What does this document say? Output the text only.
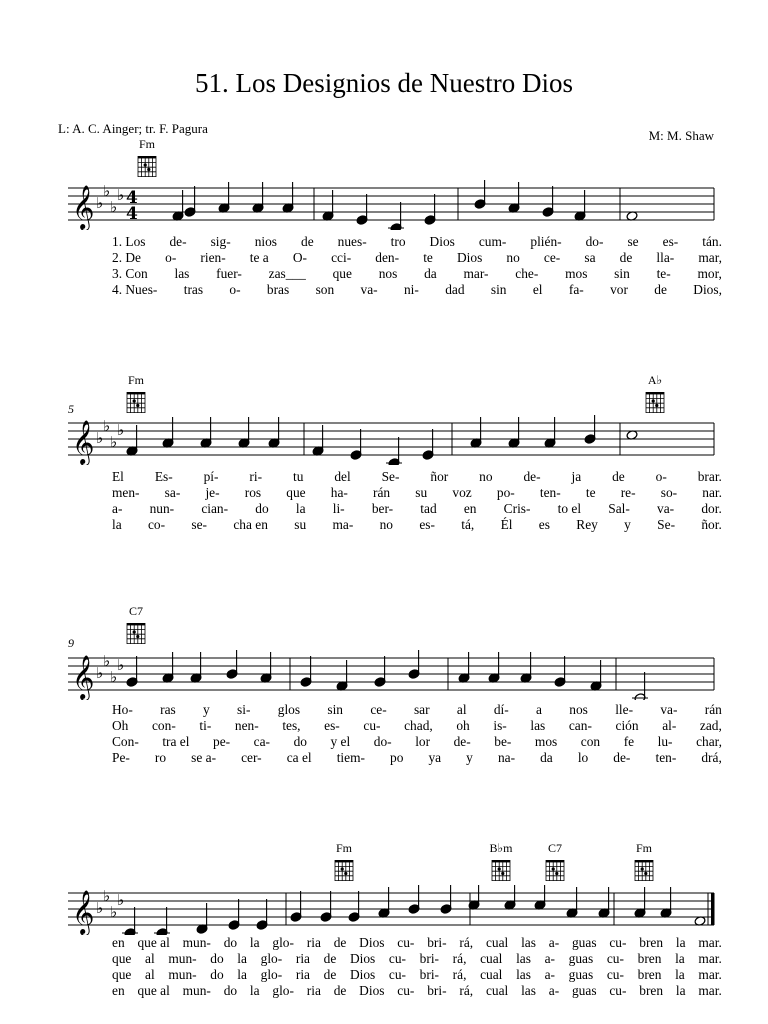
51. Los Designios de Nuestro Dios
L: A. C. Ainger; tr. F. Pagura	M: M. Shaw
Fm
Fm	A♭
C7
Fm	B♭m	C7	Fm
5
9
𝄞 ♭
♭
♭
♭ 4
4
𝄞 ♭
♭
♭
♭
𝄞 ♭
♭
♭
♭
𝄞 ♭
♭
♭
♭
1. Los de- sig- nios de nues- tro Dios cum- plién- do- se es- tán.
2. De o- rien- te a O- cci- den- te Dios no ce- sa de lla- mar,
3. Con las fuer- zas___ que nos da mar- che- mos sin te- mor,
4. Nues- tras o- bras son va- ni- dad sin el fa- vor de Dios,
El Es- pí- ri- tu del Se- ñor no de- ja de o- brar.
men- sa- je- ros que ha- rán su voz po- ten- te re- so- nar.
a- nun- cian- do la li- ber- tad en Cris- to el Sal- va- dor.
la co- se- cha en su ma- no es- tá, Él es Rey y Se- ñor.
Ho- ras y si- glos sin ce- sar al dí- a nos lle- va- rán
Oh con- ti- nen- tes, es- cu- chad, oh is- las can- ción al- zad,
Con- tra el pe- ca- do y el do- lor de- be- mos con fe lu- char,
Pe- ro se a- cer- ca el tiem- po ya y na- da lo de- ten- drá,
en que al mun- do la glo- ria de Dios cu- bri- rá, cual las a- guas cu- bren la mar.
que al mun- do la glo- ria de Dios cu- bri- rá, cual las a- guas cu- bren la mar.
que al mun- do la glo- ria de Dios cu- bri- rá, cual las a- guas cu- bren la mar.
en que al mun- do la glo- ria de Dios cu- bri- rá, cual las a- guas cu- bren la mar.
